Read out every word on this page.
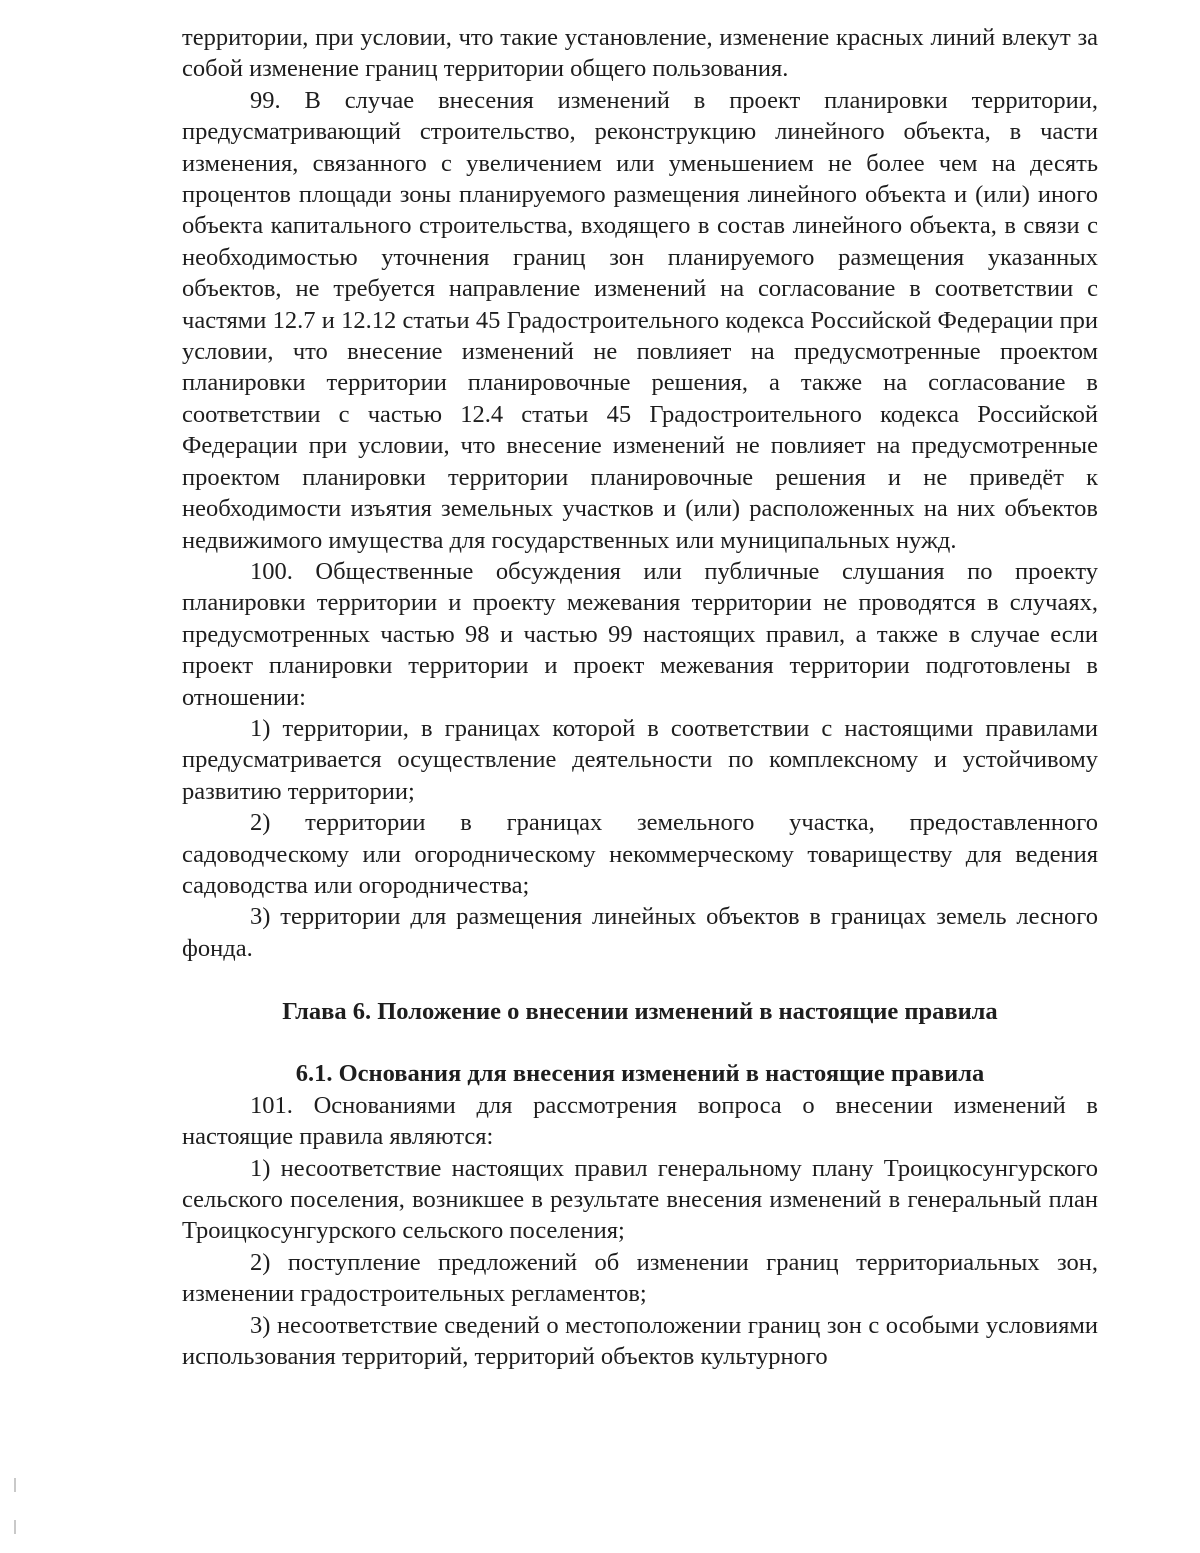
территории, при условии, что такие установление, изменение красных линий влекут за собой изменение границ территории общего пользования.

99. В случае внесения изменений в проект планировки территории, предусматривающий строительство, реконструкцию линейного объекта, в части изменения, связанного с увеличением или уменьшением не более чем на десять процентов площади зоны планируемого размещения линейного объекта и (или) иного объекта капитального строительства, входящего в состав линейного объекта, в связи с необходимостью уточнения границ зон планируемого размещения указанных объектов, не требуется направление изменений на согласование в соответствии с частями 12.7 и 12.12 статьи 45 Градостроительного кодекса Российской Федерации при условии, что внесение изменений не повлияет на предусмотренные проектом планировки территории планировочные решения, а также на согласование в соответствии с частью 12.4 статьи 45 Градостроительного кодекса Российской Федерации при условии, что внесение изменений не повлияет на предусмотренные проектом планировки территории планировочные решения и не приведёт к необходимости изъятия земельных участков и (или) расположенных на них объектов недвижимого имущества для государственных или муниципальных нужд.

100. Общественные обсуждения или публичные слушания по проекту планировки территории и проекту межевания территории не проводятся в случаях, предусмотренных частью 98 и частью 99 настоящих правил, а также в случае если проект планировки территории и проект межевания территории подготовлены в отношении:

1) территории, в границах которой в соответствии с настоящими правилами предусматривается осуществление деятельности по комплексному и устойчивому развитию территории;

2) территории в границах земельного участка, предоставленного садоводческому или огородническому некоммерческому товариществу для ведения садоводства или огородничества;

3) территории для размещения линейных объектов в границах земель лесного фонда.

Глава 6. Положение о внесении изменений в настоящие правила
6.1. Основания для внесения изменений в настоящие правила

101. Основаниями для рассмотрения вопроса о внесении изменений в настоящие правила являются:

1) несоответствие настоящих правил генеральному плану Троицкосунгурского сельского поселения, возникшее в результате внесения изменений в генеральный план Троицкосунгурского сельского поселения;

2) поступление предложений об изменении границ территориальных зон, изменении градостроительных регламентов;

3) несоответствие сведений о местоположении границ зон с особыми условиями использования территорий, территорий объектов культурного
